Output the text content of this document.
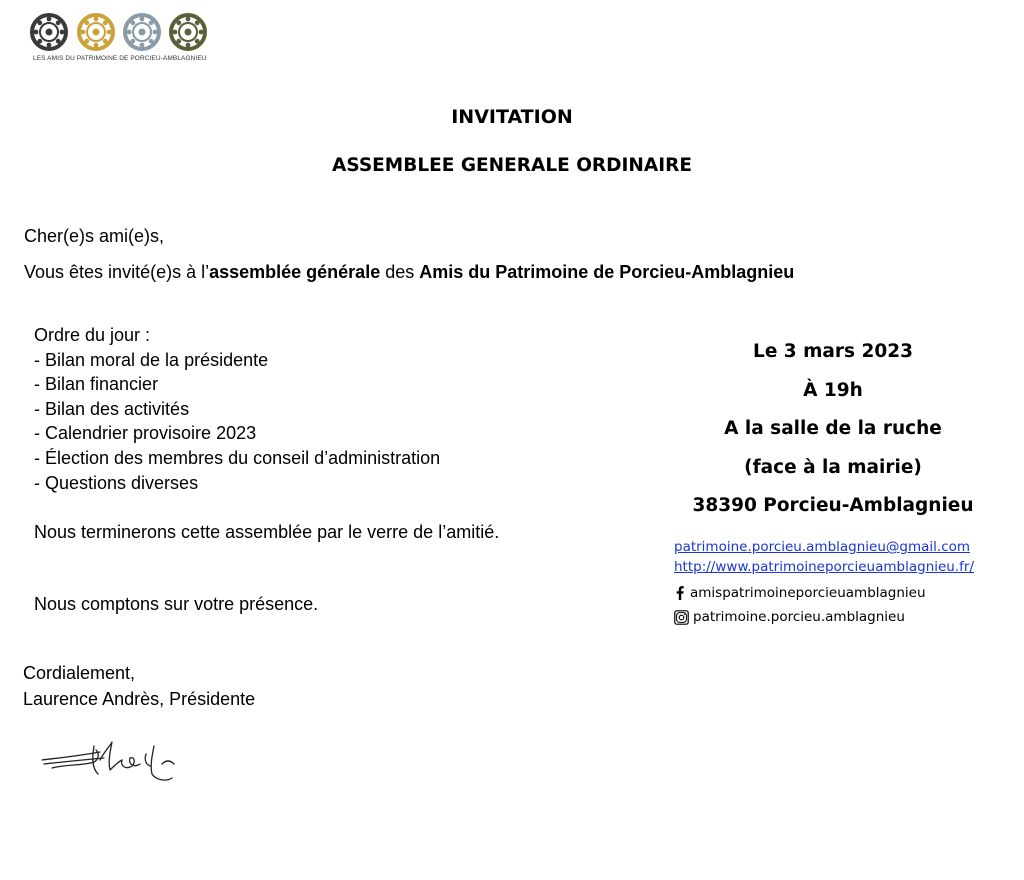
LES AMIS DU PATRIMOINE DE PORCIEU-AMBLAGNIEU
INVITATION
ASSEMBLEE GENERALE ORDINAIRE
Cher(e)s ami(e)s,
Vous êtes invité(e)s à l’assemblée générale des Amis du Patrimoine de Porcieu-Amblagnieu
Ordre du jour :
- Bilan moral de la présidente
- Bilan financier
- Bilan des activités
- Calendrier provisoire 2023
- Élection des membres du conseil d’administration
- Questions diverses
Nous terminerons cette assemblée par le verre de l’amitié.
Nous comptons sur votre présence.
Cordialement,
Laurence Andrès, Présidente
Le 3 mars 2023
À 19h
A la salle de la ruche
(face à la mairie)
38390 Porcieu-Amblagnieu
patrimoine.porcieu.amblagnieu@gmail.com
http://www.patrimoineporcieuamblagnieu.fr/
amispatrimoineporcieuamblagnieu
patrimoine.porcieu.amblagnieu
